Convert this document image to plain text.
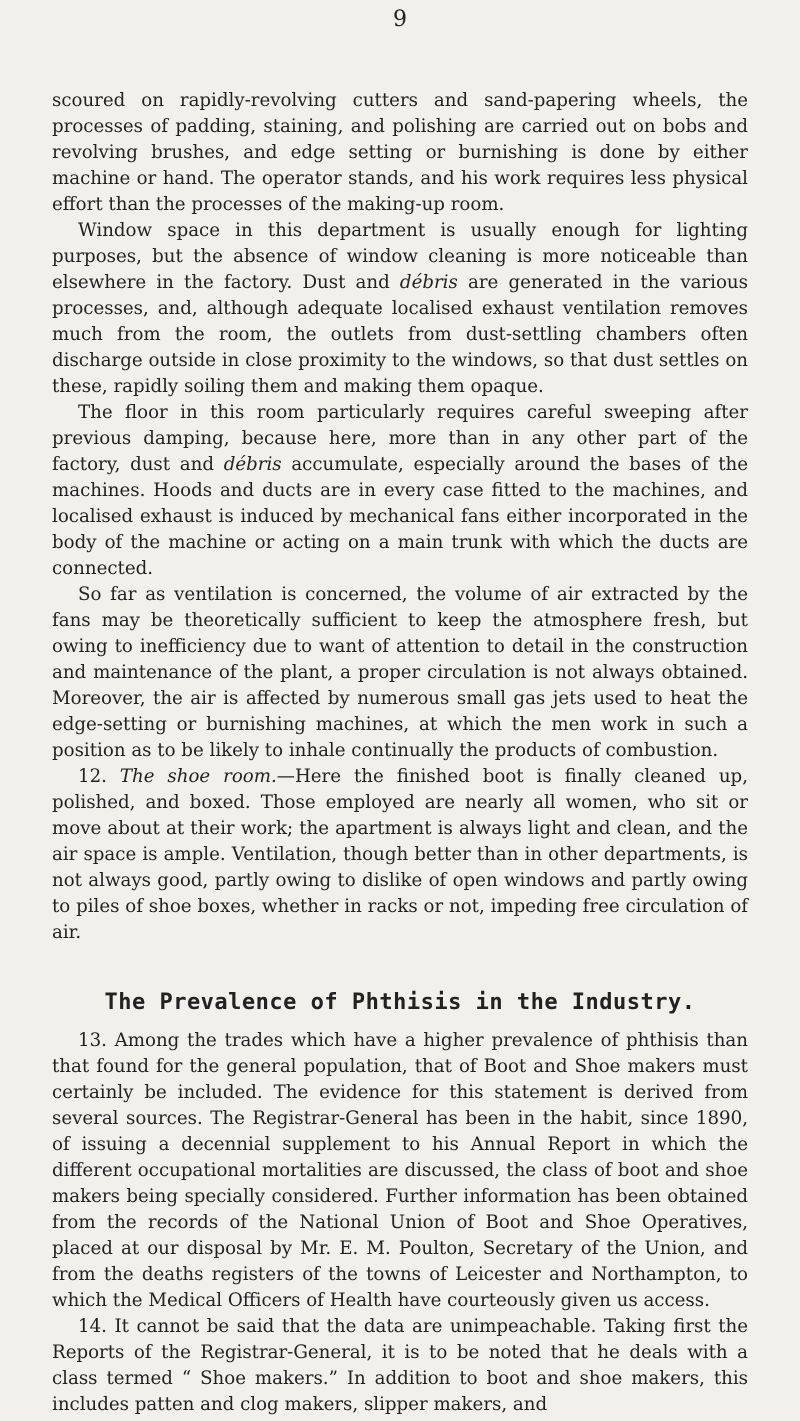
9

scoured on rapidly-revolving cutters and sand-papering wheels, the processes of padding, staining, and polishing are carried out on bobs and revolving brushes, and edge setting or burnishing is done by either machine or hand. The operator stands, and his work requires less physical effort than the processes of the making-up room.

Window space in this department is usually enough for lighting purposes, but the absence of window cleaning is more noticeable than elsewhere in the factory. Dust and débris are generated in the various processes, and, although adequate localised exhaust ventilation removes much from the room, the outlets from dust-settling chambers often discharge outside in close proximity to the windows, so that dust settles on these, rapidly soiling them and making them opaque.

The floor in this room particularly requires careful sweeping after previous damping, because here, more than in any other part of the factory, dust and débris accumulate, especially around the bases of the machines. Hoods and ducts are in every case fitted to the machines, and localised exhaust is induced by mechanical fans either incorporated in the body of the machine or acting on a main trunk with which the ducts are connected.

So far as ventilation is concerned, the volume of air extracted by the fans may be theoretically sufficient to keep the atmosphere fresh, but owing to inefficiency due to want of attention to detail in the construction and maintenance of the plant, a proper circulation is not always obtained. Moreover, the air is affected by numerous small gas jets used to heat the edge-setting or burnishing machines, at which the men work in such a position as to be likely to inhale continually the products of combustion.

12. The shoe room.—Here the finished boot is finally cleaned up, polished, and boxed. Those employed are nearly all women, who sit or move about at their work; the apartment is always light and clean, and the air space is ample. Ventilation, though better than in other departments, is not always good, partly owing to dislike of open windows and partly owing to piles of shoe boxes, whether in racks or not, impeding free circulation of air.

The Prevalence of Phthisis in the Industry.

13. Among the trades which have a higher prevalence of phthisis than that found for the general population, that of Boot and Shoe makers must certainly be included. The evidence for this statement is derived from several sources. The Registrar-General has been in the habit, since 1890, of issuing a decennial supplement to his Annual Report in which the different occupational mortalities are discussed, the class of boot and shoe makers being specially considered. Further information has been obtained from the records of the National Union of Boot and Shoe Operatives, placed at our disposal by Mr. E. M. Poulton, Secretary of the Union, and from the deaths registers of the towns of Leicester and Northampton, to which the Medical Officers of Health have courteously given us access.

14. It cannot be said that the data are unimpeachable. Taking first the Reports of the Registrar-General, it is to be noted that he deals with a class termed “ Shoe makers.” In addition to boot and shoe makers, this includes patten and clog makers, slipper makers, and
